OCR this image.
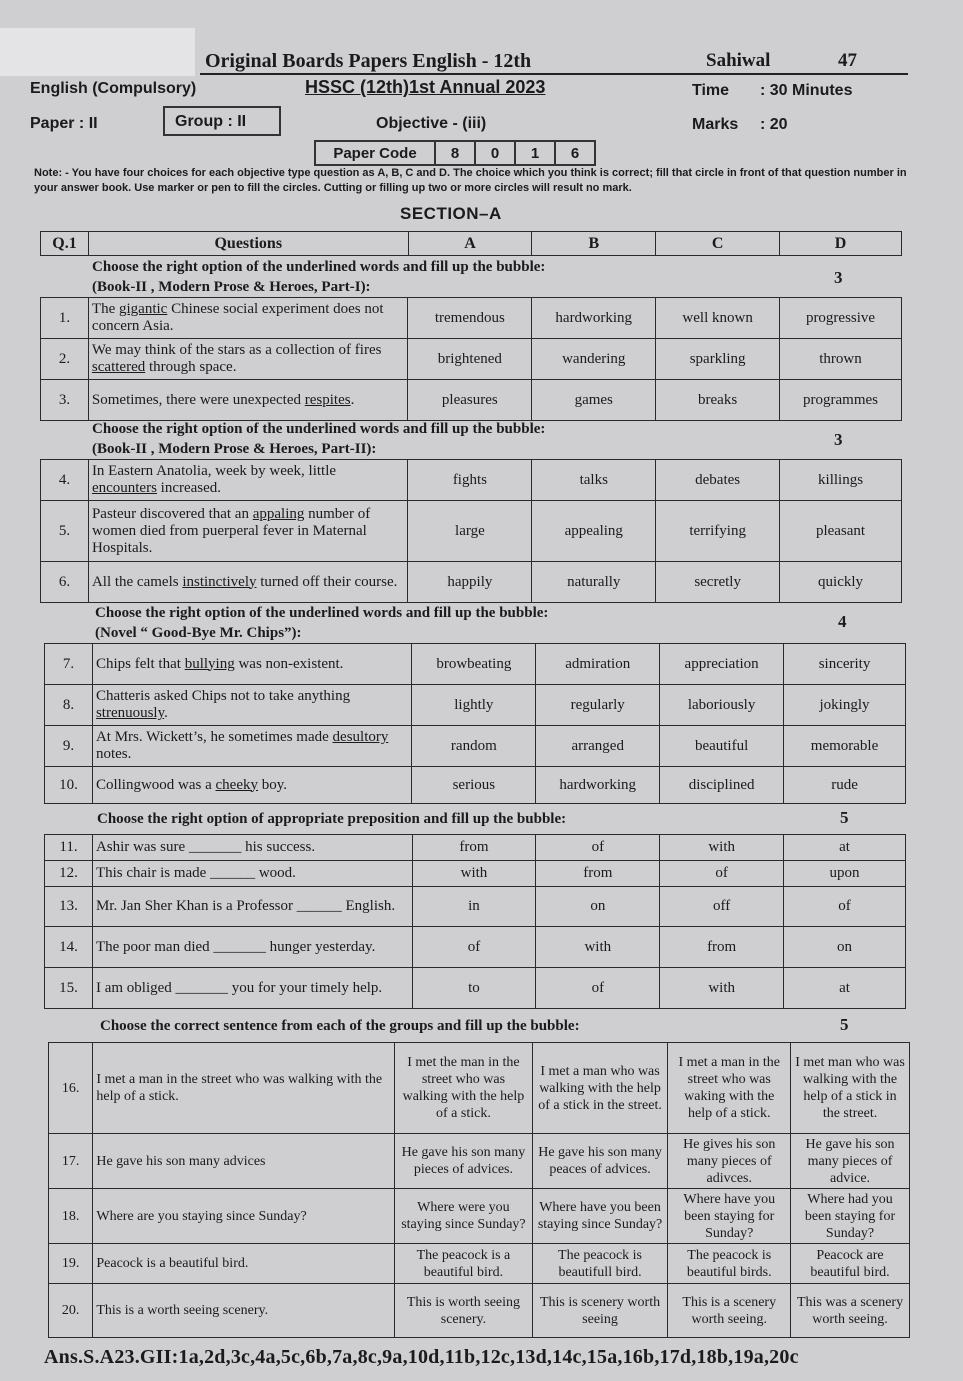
Original Boards Papers English - 12th	Sahiwal	47
English (Compulsory)	HSSC (12th)1st Annual 2023	Time : 30 Minutes
Paper : II	Group : II	Objective - (iii)	Marks : 20
Paper Code	8	0	1	6
Note: - You have four choices for each objective type question as A, B, C and D. The choice which you think is correct; fill that circle in front of that question number in your answer book. Use marker or pen to fill the circles. Cutting or filling up two or more circles will result no mark.
SECTION–A
Q.1	Questions	A	B	C	D
Choose the right option of the underlined words and fill up the bubble:
(Book-II , Modern Prose & Heroes, Part-I):	3
1.	The gigantic Chinese social experiment does not concern Asia.	tremendous	hardworking	well known	progressive
2.	We may think of the stars as a collection of fires scattered through space.	brightened	wandering	sparkling	thrown
3.	Sometimes, there were unexpected respites.	pleasures	games	breaks	programmes
Choose the right option of the underlined words and fill up the bubble:
(Book-II , Modern Prose & Heroes, Part-II):	3
4.	In Eastern Anatolia, week by week, little encounters increased.	fights	talks	debates	killings
5.	Pasteur discovered that an appaling number of women died from puerperal fever in Maternal Hospitals.	large	appealing	terrifying	pleasant
6.	All the camels instinctively turned off their course.	happily	naturally	secretly	quickly
Choose the right option of the underlined words and fill up the bubble:
(Novel “ Good-Bye Mr. Chips”):
4
7.	Chips felt that bullying was non-existent.	browbeating	admiration	appreciation	sincerity
8.	Chatteris asked Chips not to take anything strenuously.	lightly	regularly	laboriously	jokingly
9.	At Mrs. Wickett’s, he sometimes made desultory notes.	random	arranged	beautiful	memorable
10.	Collingwood was a cheeky boy.	serious	hardworking	disciplined	rude
Choose the right option of appropriate preposition and fill up the bubble:	5
11.	Ashir was sure _______ his success.	from	of	with	at
12.	This chair is made ______ wood.	with	from	of	upon
13.	Mr. Jan Sher Khan is a Professor ______ English.	in	on	off	of
14.	The poor man died _______ hunger yesterday.	of	with	from	on
15.	I am obliged _______ you for your timely help.	to	of	with	at
Choose the correct sentence from each of the groups and fill up the bubble:	5
16.	I met a man in the street who was walking with the help of a stick.	I met the man in the street who was walking with the help of a stick.	I met a man who was walking with the help of a stick in the street.	I met a man in the street who was waking with the help of a stick.	I met man who was walking with the help of a stick in the street.
17.	He gave his son many advices	He gave his son many pieces of advices.	He gave his son many peaces of advices.	He gives his son many pieces of adivces.	He gave his son many pieces of advice.
18.	Where are you staying since Sunday?	Where were you staying since Sunday?	Where have you been staying since Sunday?	Where have you been staying for Sunday?	Where had you been staying for Sunday?
19.	Peacock is a beautiful bird.	The peacock is a beautiful bird.	The peacock is beautifull bird.	The peacock is beautiful birds.	Peacock are beautiful bird.
20.	This is a worth seeing scenery.	This is worth seeing scenery.	This is scenery worth seeing	This is a scenery worth seeing.	This was a scenery worth seeing.
Ans.S.A23.GII:1a,2d,3c,4a,5c,6b,7a,8c,9a,10d,11b,12c,13d,14c,15a,16b,17d,18b,19a,20c
